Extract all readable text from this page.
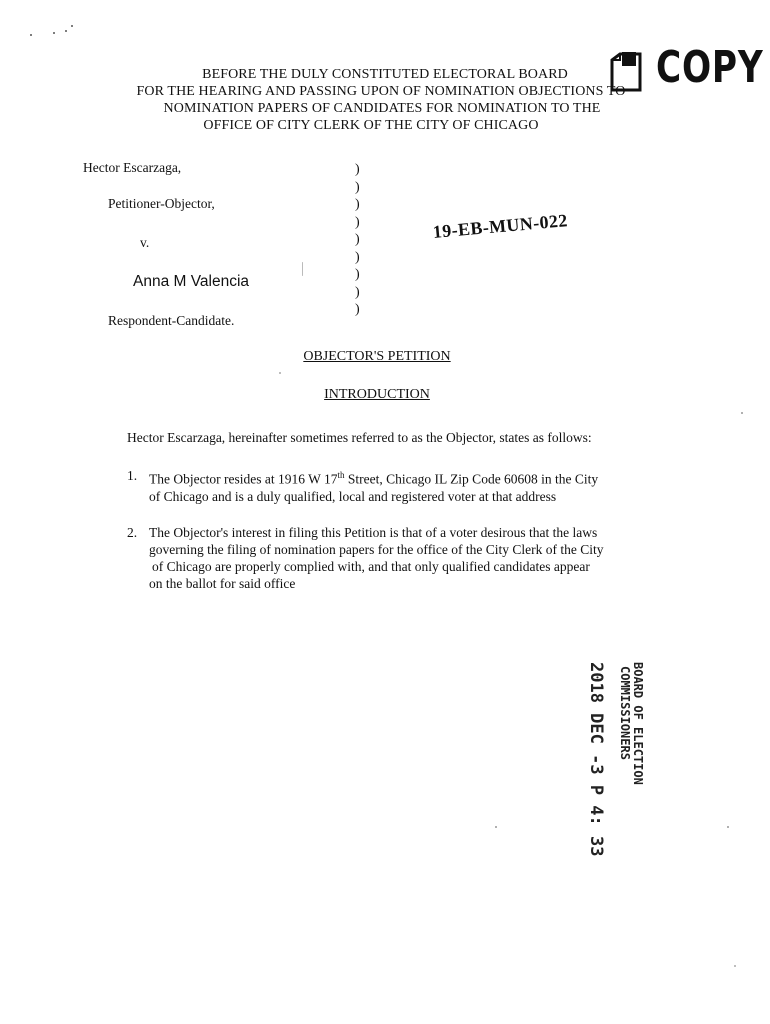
BEFORE THE DULY CONSTITUTED ELECTORAL BOARD
FOR THE HEARING AND PASSING UPON OF NOMINATION OBJECTIONS TO
NOMINATION PAPERS OF CANDIDATES FOR NOMINATION TO THE
OFFICE OF CITY CLERK OF THE CITY OF CHICAGO
COPY
Hector Escarzaga,
Petitioner-Objector,
v.
Anna M Valencia
Respondent-Candidate.
)
)
)
)
)
)
)
)
)
19-EB-MUN-022
OBJECTOR'S PETITION
INTRODUCTION
Hector Escarzaga, hereinafter sometimes referred to as the Objector, states as follows:
1. The Objector resides at 1916 W 17th Street, Chicago IL Zip Code 60608 in the City
of Chicago and is a duly qualified, local and registered voter at that address
2. The Objector's interest in filing this Petition is that of a voter desirous that the laws
governing the filing of nomination papers for the office of the City Clerk of the City
of Chicago are properly complied with, and that only qualified candidates appear
on the ballot for said office
2018 DEC -3 P 4: 33 BOARD OF ELECTION
COMMISSIONERS
